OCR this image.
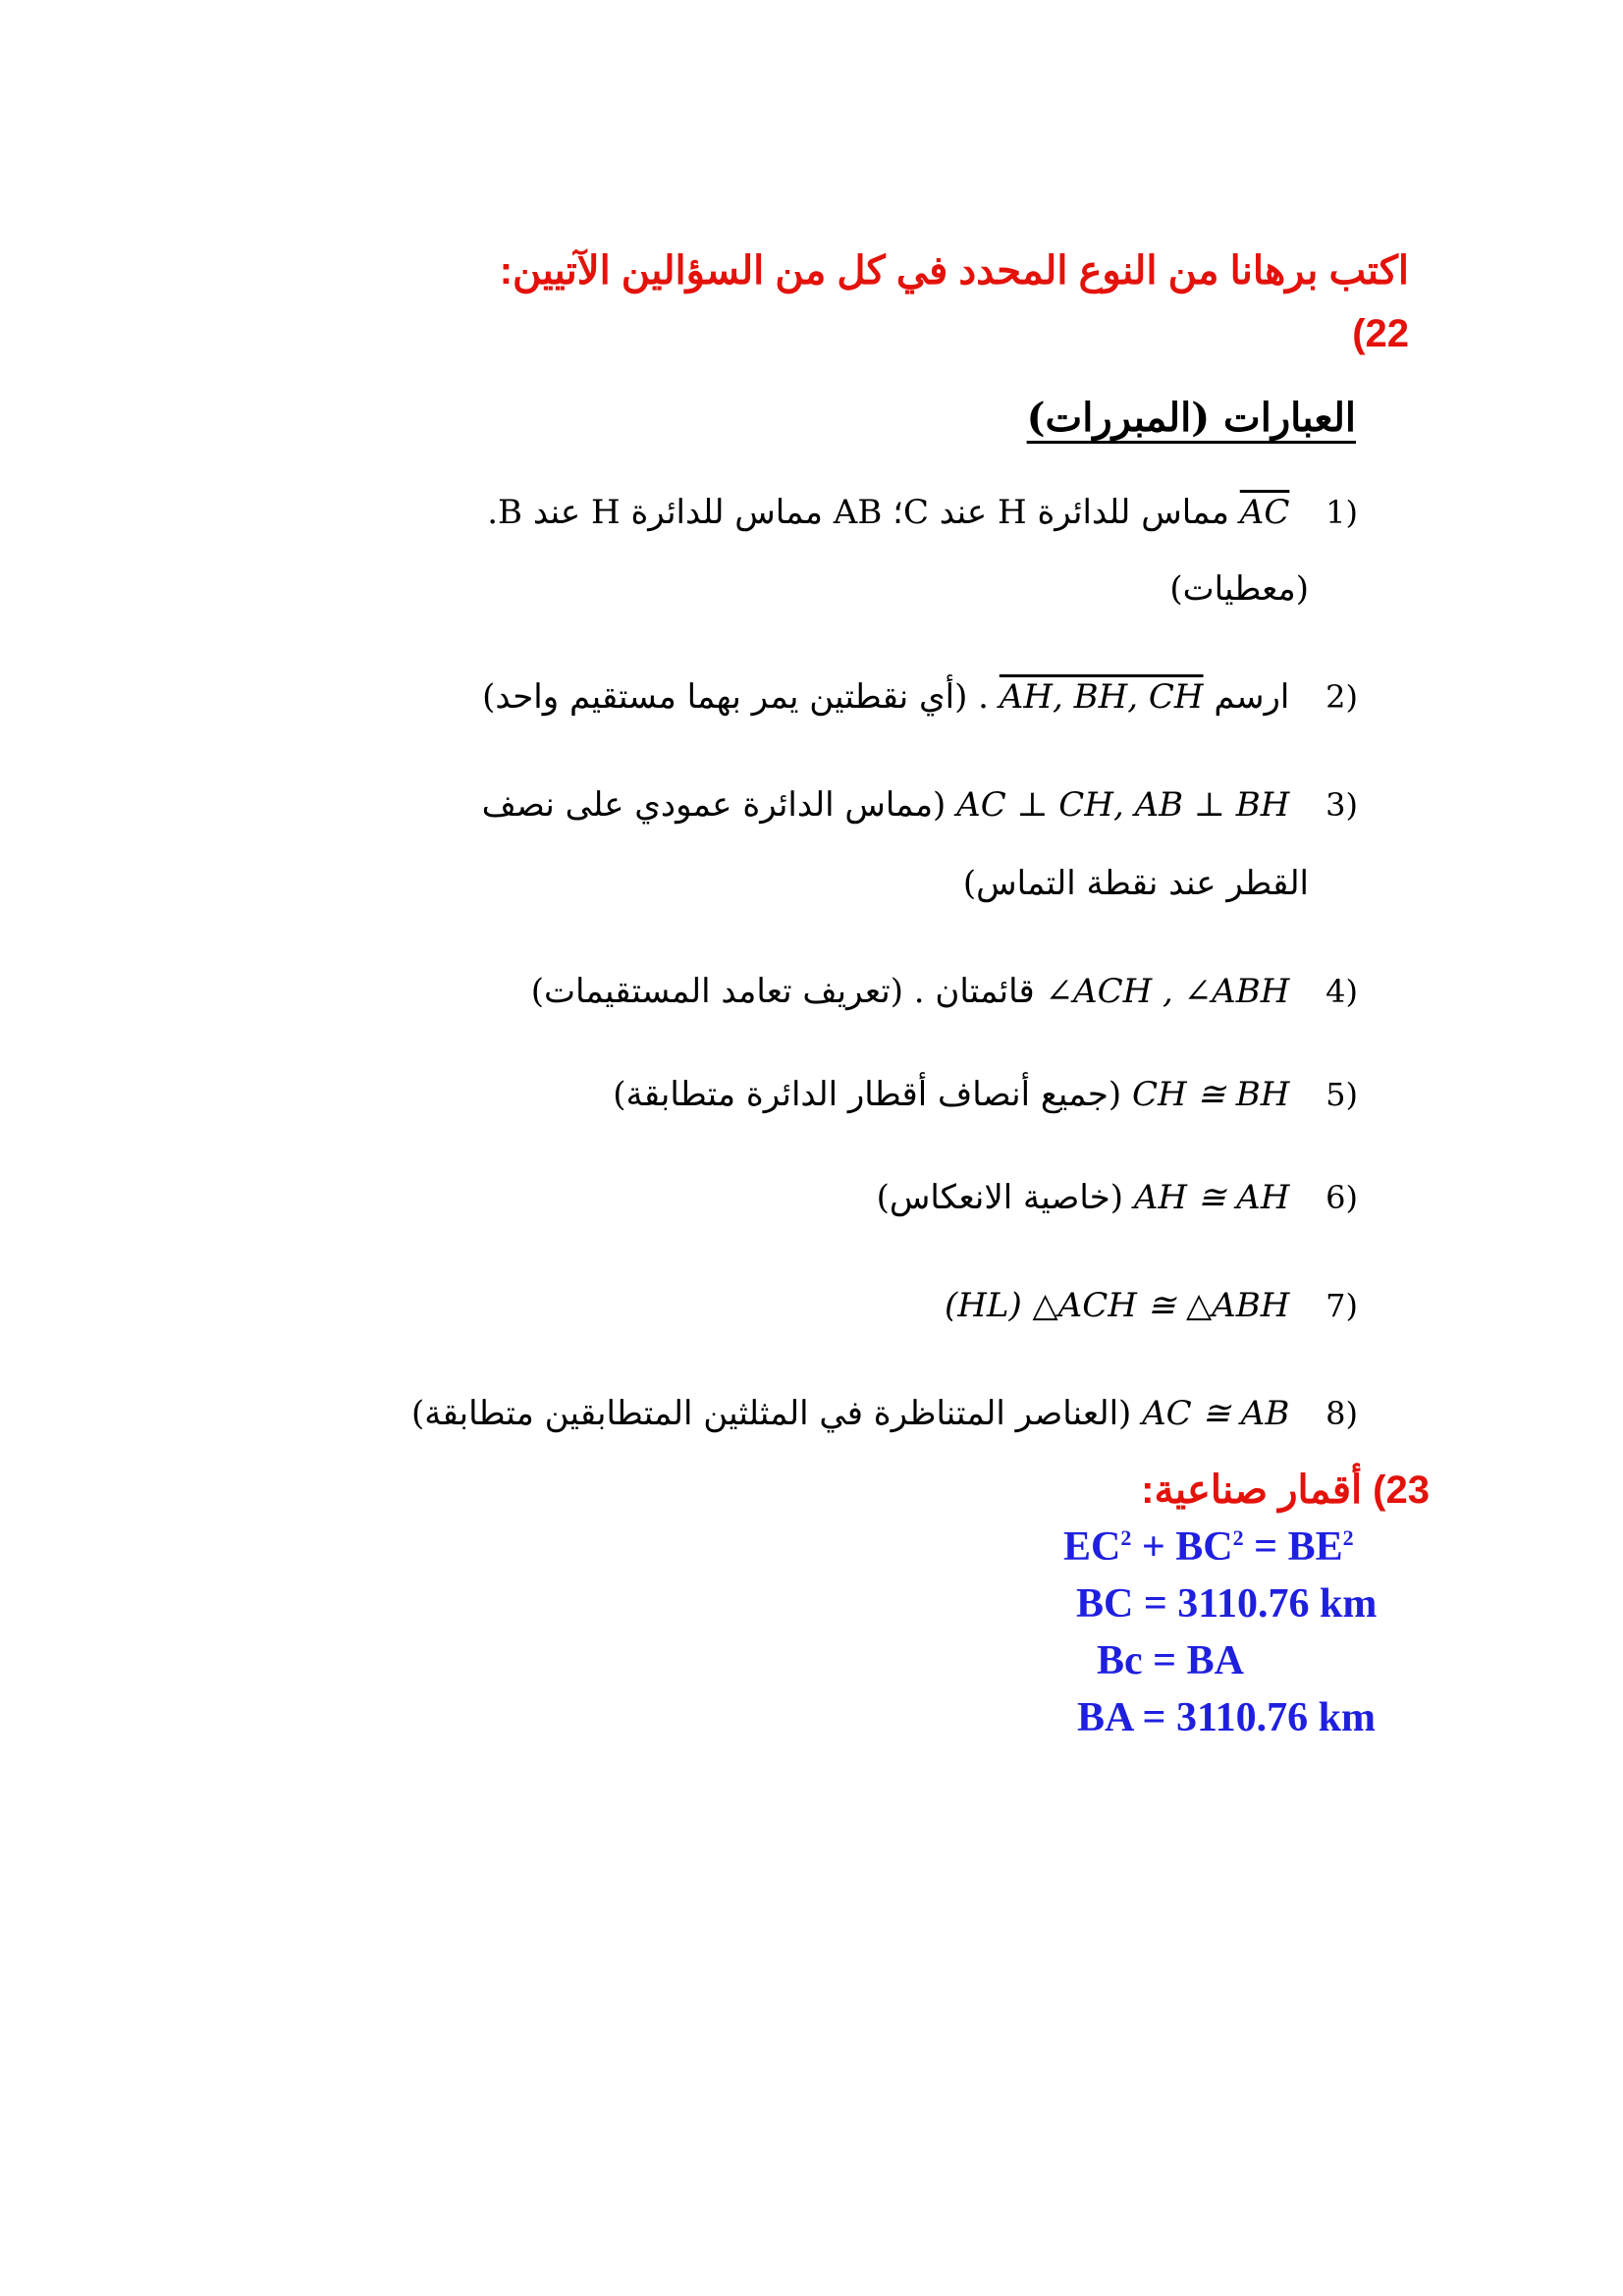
اكتب برهانا من النوع المحدد في كل من السؤالين الآتيين:
(22
العبارات (المبررات)
(1 $\overline{AC}$ مماس للدائرة H عند C؛ AB مماس للدائرة H عند B.
(معطيات)
(2 ارسم AH, BH, CH . (أي نقطتين يمر بهما مستقيم واحد)
(3 AC ⊥ CH, AB ⊥ BH (مماس الدائرة عمودي على نصف
القطر عند نقطة التماس)
(4 ∠ACH , ∠ABH قائمتان . (تعريف تعامد المستقيمات)
(5 CH ≅ BH (جميع أنصاف أقطار الدائرة متطابقة)
(6 AH ≅ AH (خاصية الانعكاس)
(7 (HL) △ACH ≅ △ABH
(8 AC ≅ AB (العناصر المتناظرة في المثلثين المتطابقين متطابقة)
23) أقمار صناعية:
$EC^2 + BC^2 = BE^2$
BC = 3110.76 km
Bc = BA
BA = 3110.76 km
